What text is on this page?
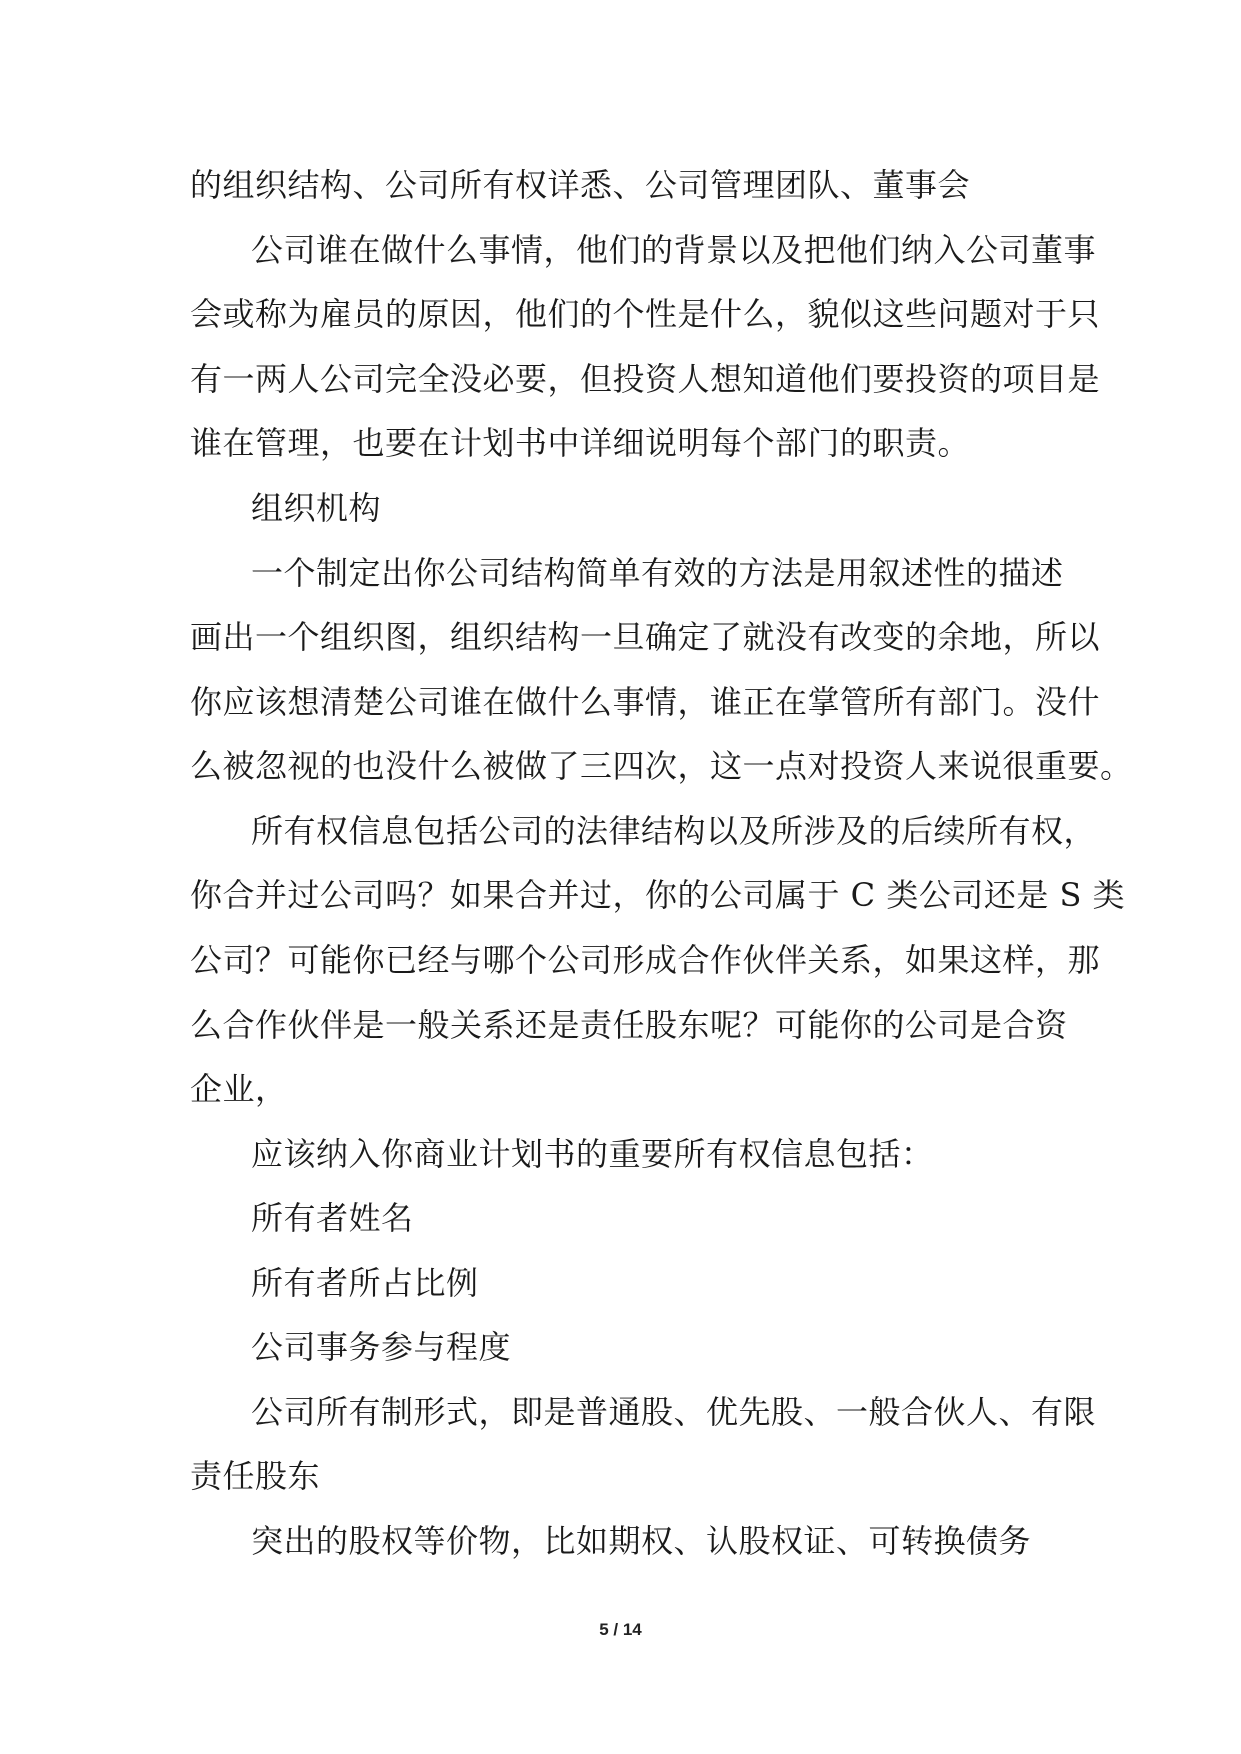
的组织结构、公司所有权详悉、公司管理团队、董事会
公司谁在做什么事情，他们的背景以及把他们纳入公司董事
会或称为雇员的原因，他们的个性是什么，貌似这些问题对于只
有一两人公司完全没必要，但投资人想知道他们要投资的项目是
谁在管理，也要在计划书中详细说明每个部门的职责。
组织机构
一个制定出你公司结构简单有效的方法是用叙述性的描述
画出一个组织图，组织结构一旦确定了就没有改变的余地，所以
你应该想清楚公司谁在做什么事情，谁正在掌管所有部门。没什
么被忽视的也没什么被做了三四次，这一点对投资人来说很重要。
所有权信息包括公司的法律结构以及所涉及的后续所有权，
你合并过公司吗？如果合并过，你的公司属于 C 类公司还是 S 类
公司？可能你已经与哪个公司形成合作伙伴关系，如果这样，那
么合作伙伴是一般关系还是责任股东呢？可能你的公司是合资
企业，
应该纳入你商业计划书的重要所有权信息包括：
所有者姓名
所有者所占比例
公司事务参与程度
公司所有制形式，即是普通股、优先股、一般合伙人、有限
责任股东
突出的股权等价物，比如期权、认股权证、可转换债务
5 / 14
